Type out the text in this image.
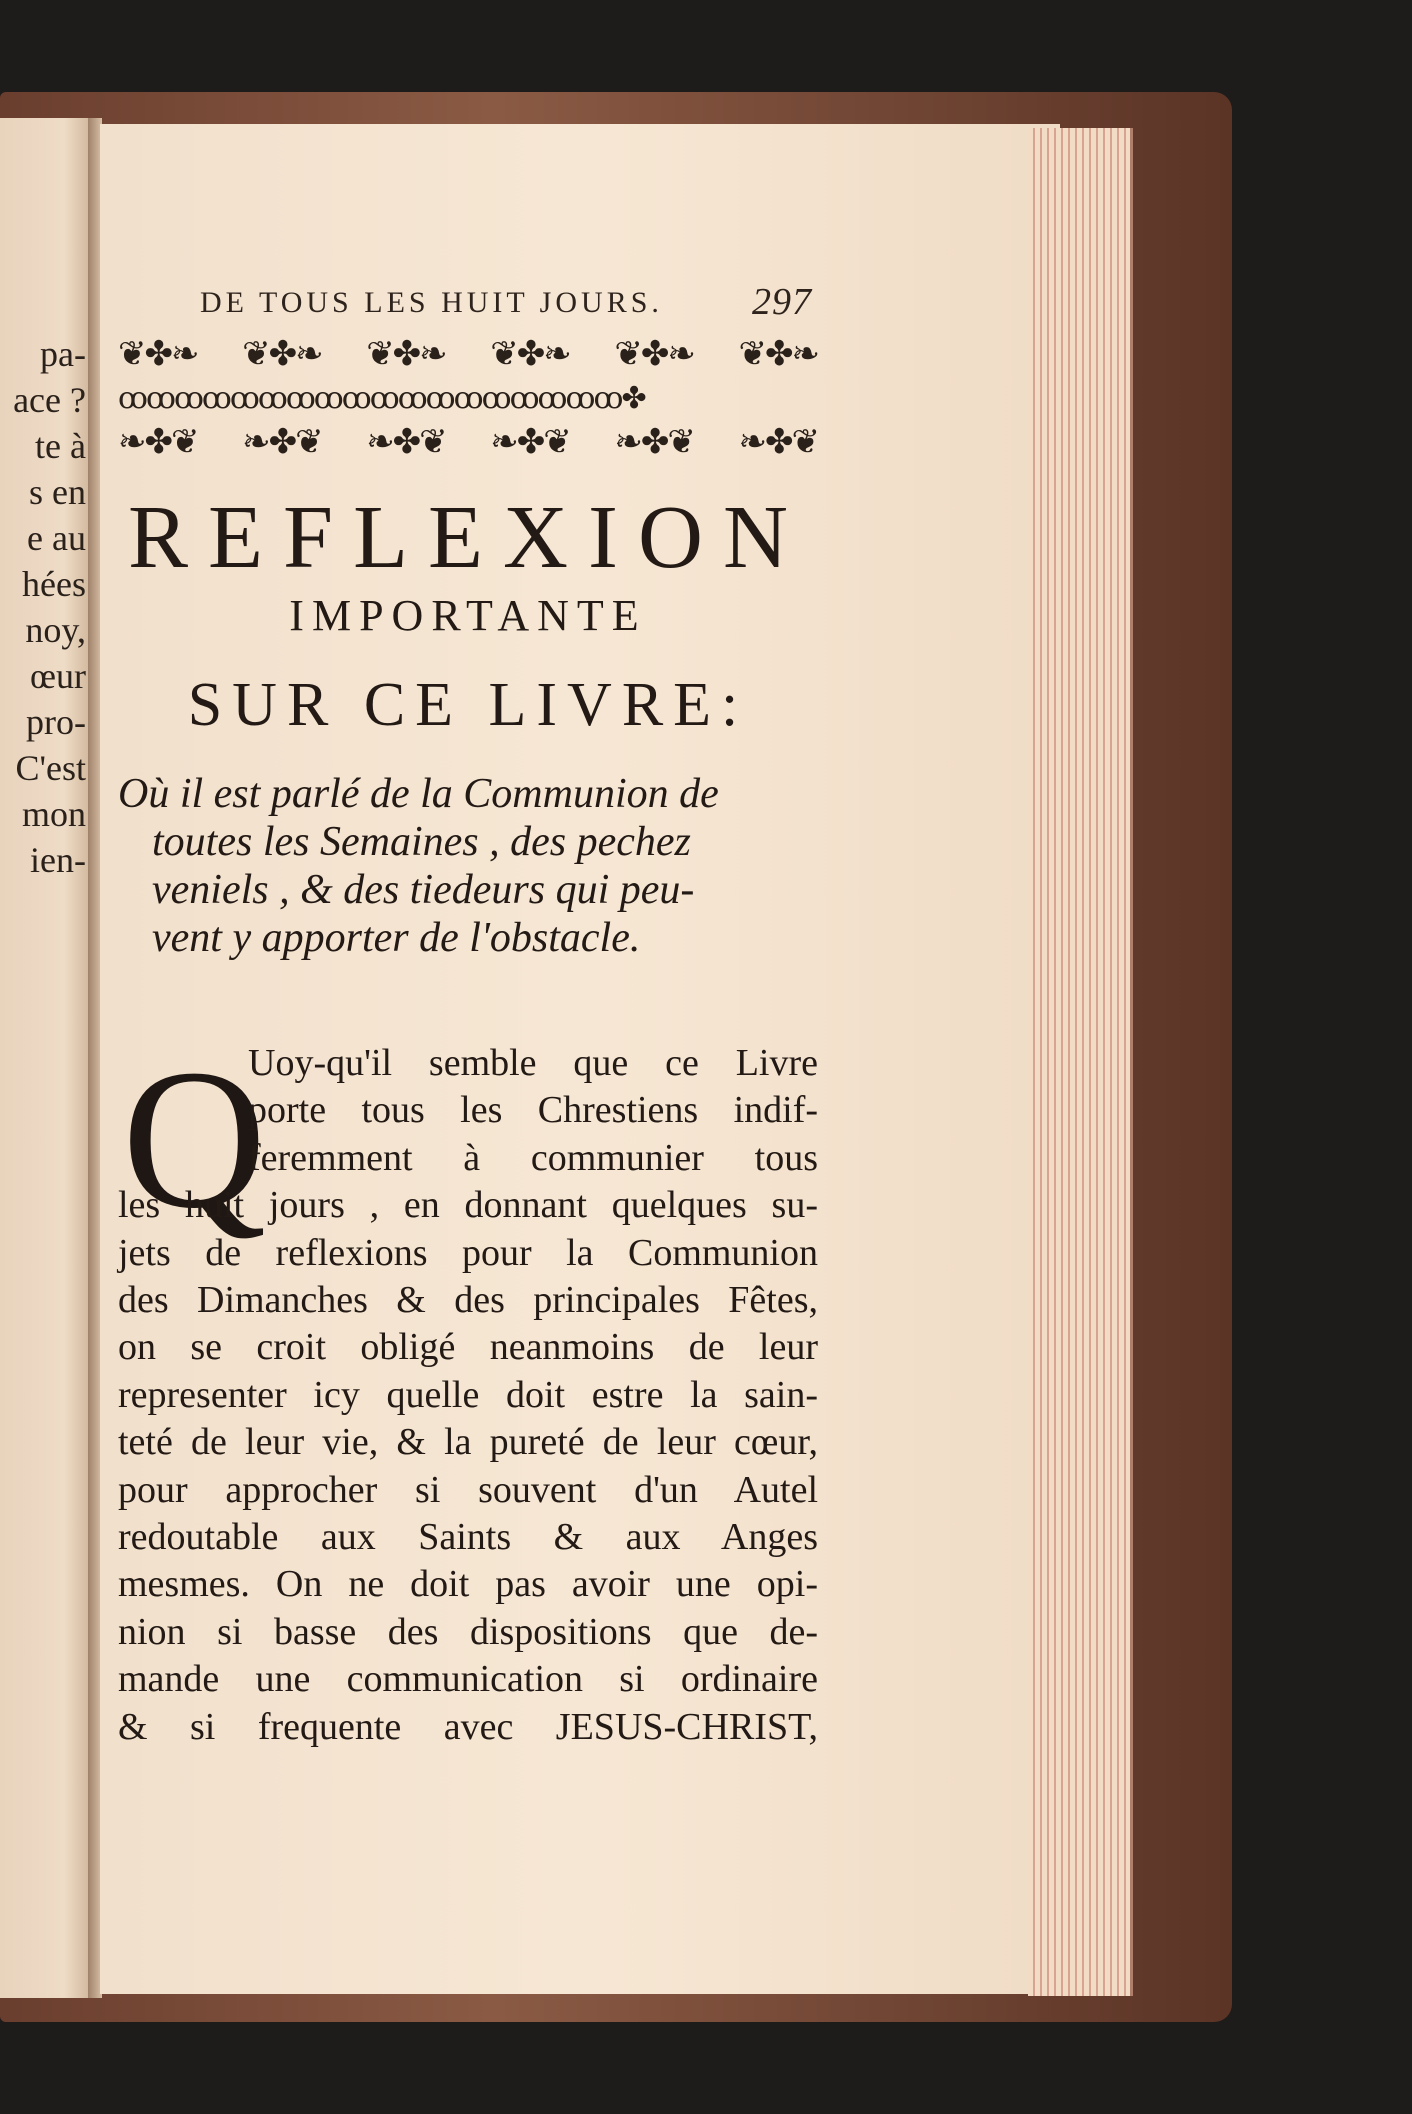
pa-
ace ?
te à
s en
e au
hées
noy,
œur
pro-
C'est
mon
ien-
DE TOUS LES HUIT JOURS. 297
❦✤❧ ❦✤❧ ❦✤❧ ❦✤❧ ❦✤❧ ❦✤❧
ꝏꝏꝏꝏꝏꝏꝏꝏꝏꝏꝏꝏꝏꝏꝏꝏꝏꝏ✤
❧✤❦ ❧✤❦ ❧✤❦ ❧✤❦ ❧✤❦ ❧✤❦
REFLEXION
IMPORTANTE
SUR CE LIVRE:
Où il est parlé de la Communion de
toutes les Semaines , des pechez
veniels , & des tiedeurs qui peu-
vent y apporter de l'obstacle.
Q
Uoy-qu'il semble que ce Livre
porte tous les Chrestiens indif-
feremment à communier tous
les huit jours , en donnant quelques su-
jets de reflexions pour la Communion
des Dimanches & des principales Fêtes,
on se croit obligé neanmoins de leur
representer icy quelle doit estre la sain-
teté de leur vie, & la pureté de leur cœur,
pour approcher si souvent d'un Autel
redoutable aux Saints & aux Anges
mesmes. On ne doit pas avoir une opi-
nion si basse des dispositions que de-
mande une communication si ordinaire
& si frequente avec JESUS-CHRIST,
